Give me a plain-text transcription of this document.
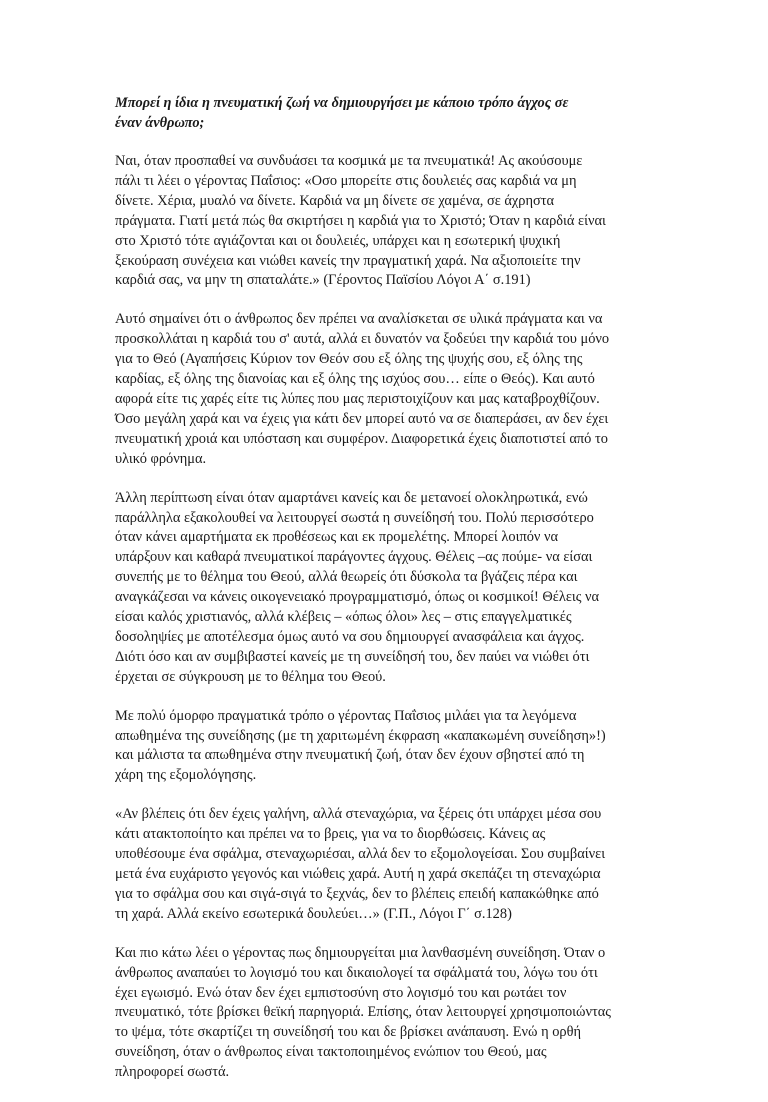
Μπορεί η ίδια η πνευματική ζωή να δημιουργήσει με κάποιο τρόπο άγχος σε
έναν άνθρωπο;
Ναι, όταν προσπαθεί να συνδυάσει τα κοσμικά με τα πνευματικά! Ας ακούσουμε
πάλι τι λέει ο γέροντας Παΐσιος: «Οσο μπορείτε στις δουλειές σας καρδιά να μη
δίνετε. Χέρια, μυαλό να δίνετε. Καρδιά να μη δίνετε σε χαμένα, σε άχρηστα
πράγματα. Γιατί μετά πώς θα σκιρτήσει η καρδιά για το Χριστό; Όταν η καρδιά είναι
στο Χριστό τότε αγιάζονται και οι δουλειές, υπάρχει και η εσωτερική ψυχική
ξεκούραση συνέχεια και νιώθει κανείς την πραγματική χαρά. Να αξιοποιείτε την
καρδιά σας, να μην τη σπαταλάτε.» (Γέροντος Παϊσίου Λόγοι Α΄ σ.191)
Αυτό σημαίνει ότι ο άνθρωπος δεν πρέπει να αναλίσκεται σε υλικά πράγματα και να
προσκολλάται η καρδιά του σ' αυτά, αλλά ει δυνατόν να ξοδεύει την καρδιά του μόνο
για το Θεό (Αγαπήσεις Κύριον τον Θεόν σου εξ όλης της ψυχής σου, εξ όλης της
καρδίας, εξ όλης της διανοίας και εξ όλης της ισχύος σου… είπε ο Θεός). Και αυτό
αφορά είτε τις χαρές είτε τις λύπες που μας περιστοιχίζουν και μας καταβροχθίζουν.
Όσο μεγάλη χαρά και να έχεις για κάτι δεν μπορεί αυτό να σε διαπεράσει, αν δεν έχει
πνευματική χροιά και υπόσταση και συμφέρον. Διαφορετικά έχεις διαποτιστεί από το
υλικό φρόνημα.
Άλλη περίπτωση είναι όταν αμαρτάνει κανείς και δε μετανοεί ολοκληρωτικά, ενώ
παράλληλα εξακολουθεί να λειτουργεί σωστά η συνείδησή του. Πολύ περισσότερο
όταν κάνει αμαρτήματα εκ προθέσεως και εκ προμελέτης. Μπορεί λοιπόν να
υπάρξουν και καθαρά πνευματικοί παράγοντες άγχους. Θέλεις –ας πούμε- να είσαι
συνεπής με το θέλημα του Θεού, αλλά θεωρείς ότι δύσκολα τα βγάζεις πέρα και
αναγκάζεσαι να κάνεις οικογενειακό προγραμματισμό, όπως οι κοσμικοί! Θέλεις να
είσαι καλός χριστιανός, αλλά κλέβεις – «όπως όλοι» λες – στις επαγγελματικές
δοσοληψίες με αποτέλεσμα όμως αυτό να σου δημιουργεί ανασφάλεια και άγχος.
Διότι όσο και αν συμβιβαστεί κανείς με τη συνείδησή του, δεν παύει να νιώθει ότι
έρχεται σε σύγκρουση με το θέλημα του Θεού.
Με πολύ όμορφο πραγματικά τρόπο ο γέροντας Παΐσιος μιλάει για τα λεγόμενα
απωθημένα της συνείδησης (με τη χαριτωμένη έκφραση «καπακωμένη συνείδηση»!)
και μάλιστα τα απωθημένα στην πνευματική ζωή, όταν δεν έχουν σβηστεί από τη
χάρη της εξομολόγησης.
«Αν βλέπεις ότι δεν έχεις γαλήνη, αλλά στεναχώρια, να ξέρεις ότι υπάρχει μέσα σου
κάτι ατακτοποίητο και πρέπει να το βρεις, για να το διορθώσεις. Κάνεις ας
υποθέσουμε ένα σφάλμα, στεναχωριέσαι, αλλά δεν το εξομολογείσαι. Σου συμβαίνει
μετά ένα ευχάριστο γεγονός και νιώθεις χαρά. Αυτή η χαρά σκεπάζει τη στεναχώρια
για το σφάλμα σου και σιγά-σιγά το ξεχνάς, δεν το βλέπεις επειδή καπακώθηκε από
τη χαρά. Αλλά εκείνο εσωτερικά δουλεύει…» (Γ.Π., Λόγοι Γ΄ σ.128)
Και πιο κάτω λέει ο γέροντας πως δημιουργείται μια λανθασμένη συνείδηση. Όταν ο
άνθρωπος αναπαύει το λογισμό του και δικαιολογεί τα σφάλματά του, λόγω του ότι
έχει εγωισμό. Ενώ όταν δεν έχει εμπιστοσύνη στο λογισμό του και ρωτάει τον
πνευματικό, τότε βρίσκει θεϊκή παρηγοριά. Επίσης, όταν λειτουργεί χρησιμοποιώντας
το ψέμα, τότε σκαρτίζει τη συνείδησή του και δε βρίσκει ανάπαυση. Ενώ η ορθή
συνείδηση, όταν ο άνθρωπος είναι τακτοποιημένος ενώπιον του Θεού, μας
πληροφορεί σωστά.
